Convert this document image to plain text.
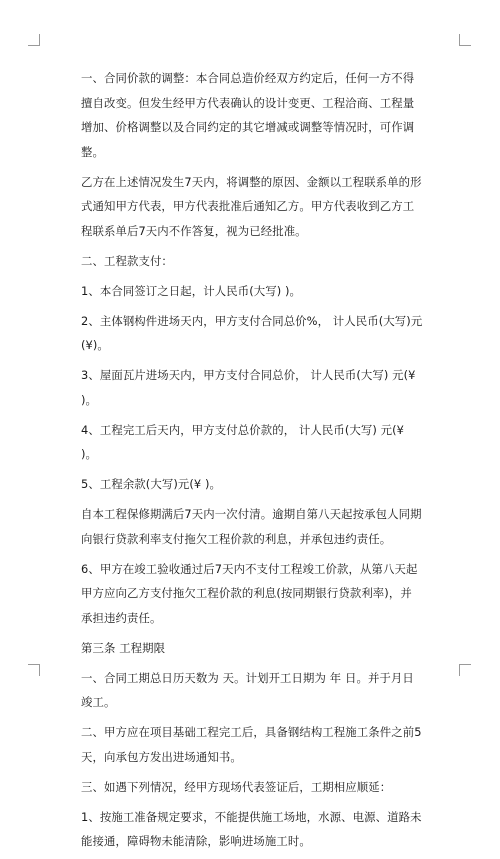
一、合同价款的调整：本合同总造价经双方约定后，任何一方不得擅自改变。但发生经甲方代表确认的设计变更、工程洽商、工程量增加、价格调整以及合同约定的其它增减或调整等情况时，可作调整。

乙方在上述情况发生7天内，将调整的原因、金额以工程联系单的形式通知甲方代表，甲方代表批准后通知乙方。甲方代表收到乙方工程联系单后7天内不作答复，视为已经批准。

二、工程款支付：

1、本合同签订之日起，计人民币(大写) )。

2、主体钢构件进场天内，甲方支付合同总价%， 计人民币(大写)元(¥)。

3、屋面瓦片进场天内，甲方支付合同总价， 计人民币(大写) 元(¥ )。

4、工程完工后天内，甲方支付总价款的， 计人民币(大写) 元(¥ )。

5、工程余款(大写)元(¥ )。

自本工程保修期满后7天内一次付清。逾期自第八天起按承包人同期向银行贷款利率支付拖欠工程价款的利息，并承包违约责任。

6、甲方在竣工验收通过后7天内不支付工程竣工价款，从第八天起甲方应向乙方支付拖欠工程价款的利息(按同期银行贷款利率)，并承担违约责任。

第三条 工程期限

一、合同工期总日历天数为 天。计划开工日期为 年 日。并于月日竣工。

二、甲方应在项目基础工程完工后，具备钢结构工程施工条件之前5天，向承包方发出进场通知书。

三、如遇下列情况，经甲方现场代表签证后，工期相应顺延：

1、按施工准备规定要求，不能提供施工场地，水源、电源、道路未能接通，障碍物未能清除，影响进场施工时。
